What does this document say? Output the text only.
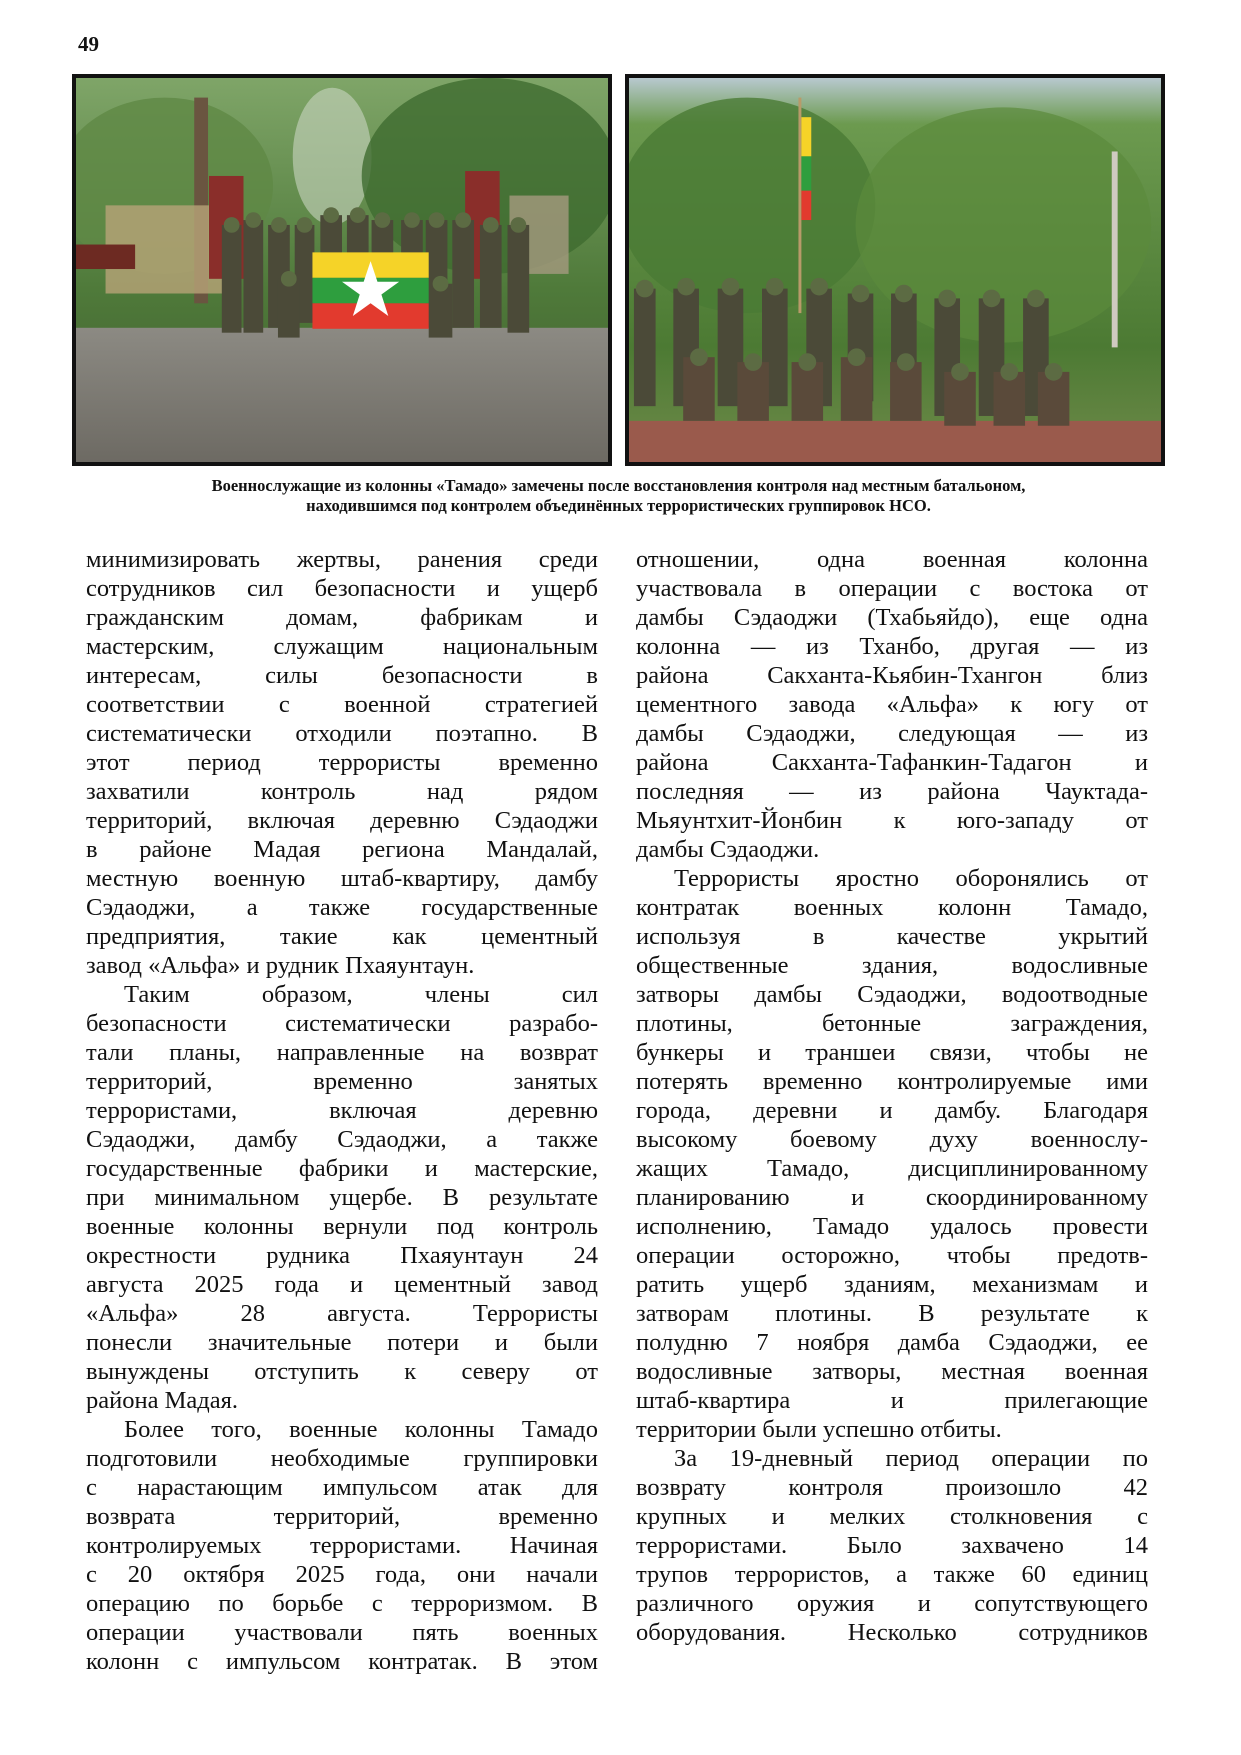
49
Военнослужащие из колонны «Тамадо» замечены после восстановления контроля над местным батальоном,
находившимся под контролем объединённых террористических группировок НСО.
минимизировать жертвы, ранения среди
сотрудников сил безопасности и ущерб
гражданским домам, фабрикам и
мастерским, служащим национальным
интересам, силы безопасности в
соответствии с военной стратегией
систематически отходили поэтапно. В
этот период террористы временно
захватили контроль над рядом
территорий, включая деревню Сэдаоджи
в районе Мадая региона Мандалай,
местную военную штаб-квартиру, дамбу
Сэдаоджи, а также государственные
предприятия, такие как цементный
завод «Альфа» и рудник Пхаяунтаун.
Таким образом, члены сил
безопасности систематически разрабо-
тали планы, направленные на возврат
территорий, временно занятых
террористами, включая деревню
Сэдаоджи, дамбу Сэдаоджи, а также
государственные фабрики и мастерские,
при минимальном ущербе. В результате
военные колонны вернули под контроль
окрестности рудника Пхаяунтаун 24
августа 2025 года и цементный завод
«Альфа» 28 августа. Террористы
понесли значительные потери и были
вынуждены отступить к северу от
района Мадая.
Более того, военные колонны Тамадо
подготовили необходимые группировки
с нарастающим импульсом атак для
возврата территорий, временно
контролируемых террористами. Начиная
с 20 октября 2025 года, они начали
операцию по борьбе с терроризмом. В
операции участвовали пять военных
колонн с импульсом контратак. В этом
отношении, одна военная колонна
участвовала в операции с востока от
дамбы Сэдаоджи (Тхабьяйдо), еще одна
колонна — из Тханбо, другая — из
района Сакханта-Кьябин-Тхангон близ
цементного завода «Альфа» к югу от
дамбы Сэдаоджи, следующая — из
района Сакханта-Тафанкин-Тадагон и
последняя — из района Чауктада-
Мьяунтхит-Йонбин к юго-западу от
дамбы Сэдаоджи.
Террористы яростно оборонялись от
контратак военных колонн Тамадо,
используя в качестве укрытий
общественные здания, водосливные
затворы дамбы Сэдаоджи, водоотводные
плотины, бетонные заграждения,
бункеры и траншеи связи, чтобы не
потерять временно контролируемые ими
города, деревни и дамбу. Благодаря
высокому боевому духу военнослу-
жащих Тамадо, дисциплинированному
планированию и скоординированному
исполнению, Тамадо удалось провести
операции осторожно, чтобы предотв-
ратить ущерб зданиям, механизмам и
затворам плотины. В результате к
полудню 7 ноября дамба Сэдаоджи, ее
водосливные затворы, местная военная
штаб-квартира и прилегающие
территории были успешно отбиты.
За 19-дневный период операции по
возврату контроля произошло 42
крупных и мелких столкновения с
террористами. Было захвачено 14
трупов террористов, а также 60 единиц
различного оружия и сопутствующего
оборудования. Несколько сотрудников
